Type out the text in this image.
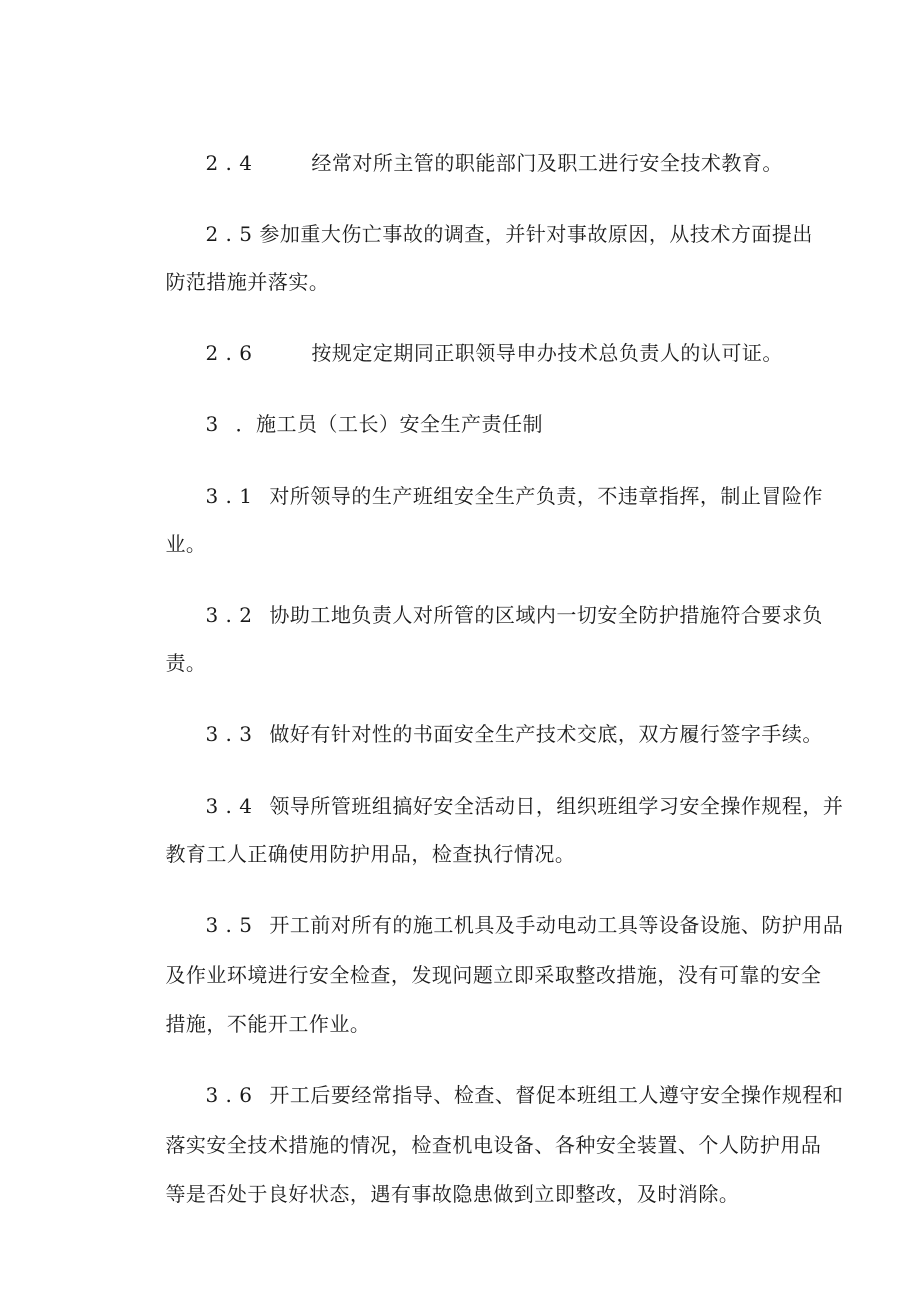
2 . 4	经常对所主管的职能部门及职工进行安全技术教育。

2 . 5 参加重大伤亡事故的调查，并针对事故原因，从技术方面提出

防范措施并落实。

2 . 6	按规定定期同正职领导申办技术总负责人的认可证。

3 ．施工员（工长）安全生产责任制

3 . 1 对所领导的生产班组安全生产负责，不违章指挥，制止冒险作

业。

3 . 2 协助工地负责人对所管的区域内一切安全防护措施符合要求负

责。

3 . 3 做好有针对性的书面安全生产技术交底，双方履行签字手续。

3 . 4 领导所管班组搞好安全活动日，组织班组学习安全操作规程，并

教育工人正确使用防护用品，检查执行情况。

3 . 5 开工前对所有的施工机具及手动电动工具等设备设施、防护用品

及作业环境进行安全检查，发现问题立即采取整改措施，没有可靠的安全

措施，不能开工作业。

3 . 6 开工后要经常指导、检查、督促本班组工人遵守安全操作规程和

落实安全技术措施的情况，检查机电设备、各种安全装置、个人防护用品

等是否处于良好状态，遇有事故隐患做到立即整改，及时消除。
